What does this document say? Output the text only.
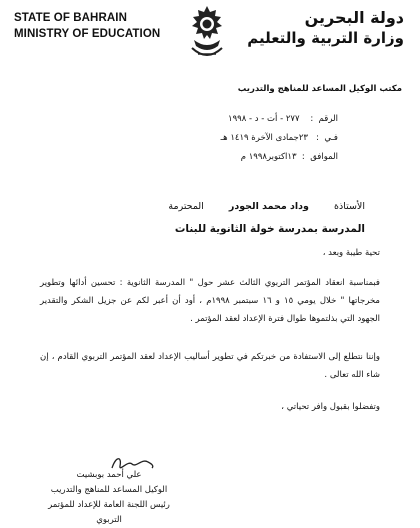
STATE OF BAHRAIN
MINISTRY OF EDUCATION
دولة البحرين
وزارة التربية والتعليم
مكتب الوكيل المساعد للمناهج والتدريب
الرقم  :    ٢٧٧ - أت - د - ١٩٩٨
فـي  :   ٢٣جمادى الآخرة ١٤١٩ هـ
الموافق  :  ١٣اكتوبر١٩٩٨ م
الأستاذة وداد محمد الجودر المحترمة
المدرسة بمدرسة خولة الثانوية للبنات
تحية طيبة وبعد ،
فبمناسبة انعقاد المؤتمر التربوي الثالث عشر حول " المدرسة الثانوية : تحسين أدائها وتطوير مخرجاتها " خلال يومي ١٥ و ١٦ سبتمبر ١٩٩٨م ، أود أن أعبر لكم عن جزيل الشكر والتقدير الجهود التي بذلتموها طوال فترة الإعداد لعقد المؤتمر .
وإننا نتطلع إلى الاستفادة من خبرتكم في تطوير أساليب الإعداد لعقد المؤتمر التربوي القادم ، إن شاء الله تعالى .
وتفضلوا بقبول وافر تحياتي ،
علي أحمد بوبشيت
الوكيل المساعد للمناهج والتدريب
رئيس اللجنة العامة للإعداد للمؤتمر التربوي
